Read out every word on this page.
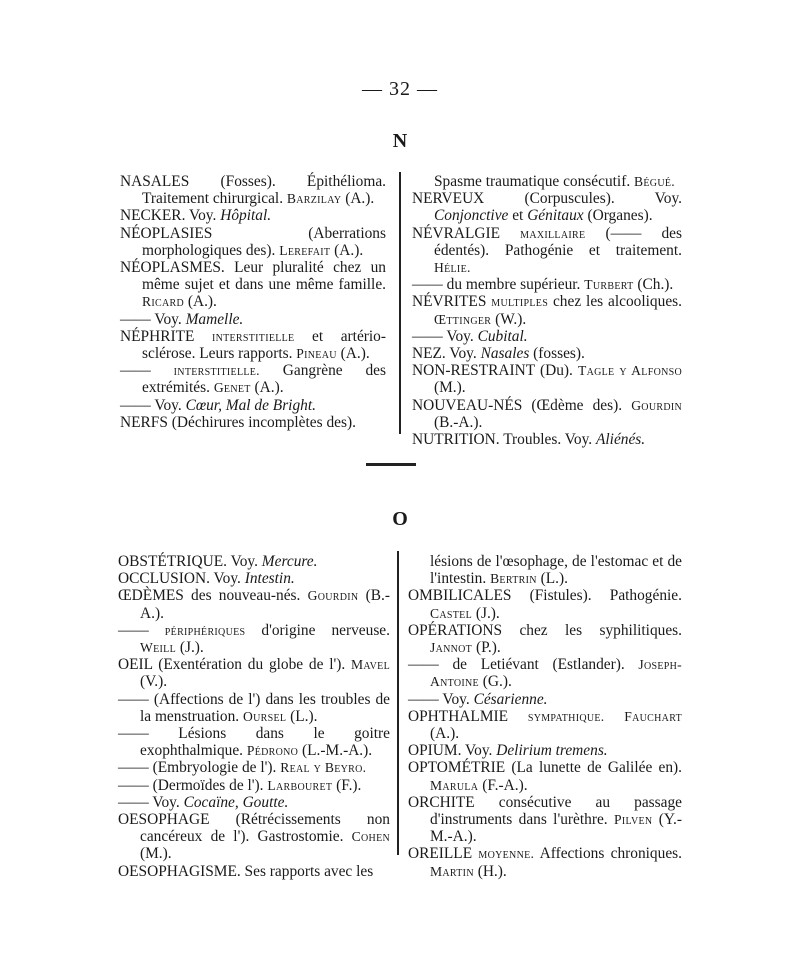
— 32 —
N

NASALES (Fosses). Épithélioma. Traitement chirurgical. Barzilay (A.).

NECKER. Voy. Hôpital.

NÉOPLASIES (Aberrations morphologiques des). Lerefait (A.).

NÉOPLASMES. Leur pluralité chez un même sujet et dans une même famille. Ricard (A.).

—— Voy. Mamelle.

NÉPHRITE interstitielle et artério-sclérose. Leurs rapports. Pineau (A.).

—— interstitielle. Gangrène des extrémités. Genet (A.).

—— Voy. Cœur, Mal de Bright.

NERFS (Déchirures incomplètes des).

Spasme traumatique consécutif. Bégué.

NERVEUX (Corpuscules). Voy. Conjonctive et Génitaux (Organes).

NÉVRALGIE maxillaire (—— des édentés). Pathogénie et traitement. Hélie.

—— du membre supérieur. Turbert (Ch.).

NÉVRITES multiples chez les alcooliques. Œttinger (W.).

—— Voy. Cubital.

NEZ. Voy. Nasales (fosses).

NON-RESTRAINT (Du). Tagle y Alfonso (M.).

NOUVEAU-NÉS (Œdème des). Gourdin (B.-A.).

NUTRITION. Troubles. Voy. Aliénés.

O

OBSTÉTRIQUE. Voy. Mercure.

OCCLUSION. Voy. Intestin.

ŒDÈMES des nouveau-nés. Gourdin (B.-A.).

—— périphériques d'origine nerveuse. Weill (J.).

OEIL (Exentération du globe de l'). Mavel (V.).

—— (Affections de l') dans les troubles de la menstruation. Oursel (L.).

—— Lésions dans le goitre exophthalmique. Pédrono (L.-M.-A.).

—— (Embryologie de l'). Real y Beyro.

—— (Dermoïdes de l'). Larbouret (F.).

—— Voy. Cocaïne, Goutte.

OESOPHAGE (Rétrécissements non cancéreux de l'). Gastrostomie. Cohen (M.).

OESOPHAGISME. Ses rapports avec les

lésions de l'œsophage, de l'estomac et de l'intestin. Bertrin (L.).

OMBILICALES (Fistules). Pathogénie. Castel (J.).

OPÉRATIONS chez les syphilitiques. Jannot (P.).

—— de Letiévant (Estlander). Joseph-Antoine (G.).

—— Voy. Césarienne.

OPHTHALMIE sympathique. Fauchart (A.).

OPIUM. Voy. Delirium tremens.

OPTOMÉTRIE (La lunette de Galilée en). Marula (F.-A.).

ORCHITE consécutive au passage d'instruments dans l'urèthre. Pilven (Y.-M.-A.).

OREILLE moyenne. Affections chroniques. Martin (H.).
